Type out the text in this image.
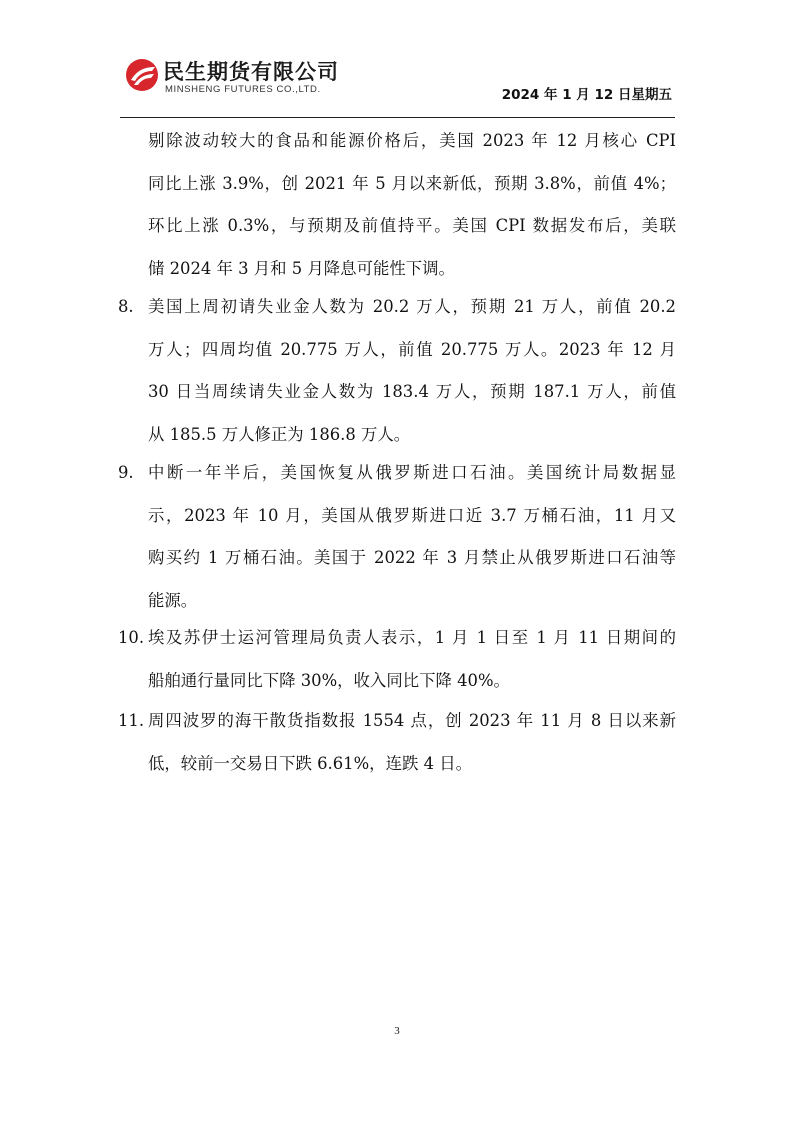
民生期货有限公司
MINSHENG FUTURES CO.,LTD.	2024 年 1 月 12 日星期五
剔除波动较大的食品和能源价格后，美国 2023 年 12 月核心 CPI
同比上涨 3.9%，创 2021 年 5 月以来新低，预期 3.8%，前值 4%；
环比上涨 0.3%，与预期及前值持平。美国 CPI 数据发布后，美联
储 2024 年 3 月和 5 月降息可能性下调。
8. 美国上周初请失业金人数为 20.2 万人，预期 21 万人，前值 20.2
万人；四周均值 20.775 万人，前值 20.775 万人。2023 年 12 月
30 日当周续请失业金人数为 183.4 万人，预期 187.1 万人，前值
从 185.5 万人修正为 186.8 万人。
9. 中断一年半后，美国恢复从俄罗斯进口石油。美国统计局数据显
示，2023 年 10 月，美国从俄罗斯进口近 3.7 万桶石油，11 月又
购买约 1 万桶石油。美国于 2022 年 3 月禁止从俄罗斯进口石油等
能源。
10. 埃及苏伊士运河管理局负责人表示，1 月 1 日至 1 月 11 日期间的
船舶通行量同比下降 30%，收入同比下降 40%。
11. 周四波罗的海干散货指数报 1554 点，创 2023 年 11 月 8 日以来新
低，较前一交易日下跌 6.61%，连跌 4 日。
3
